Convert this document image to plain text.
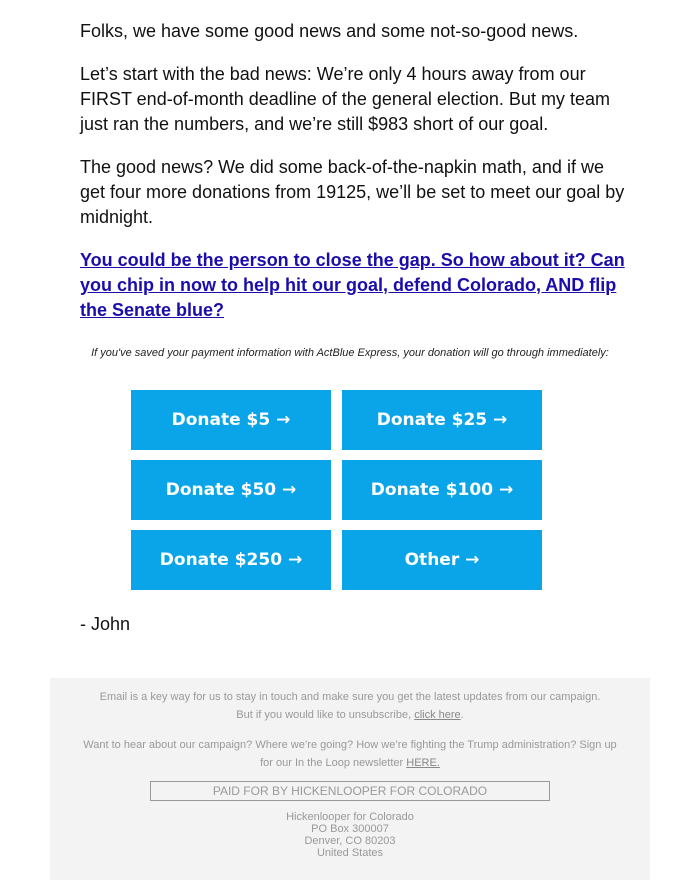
Folks, we have some good news and some not-so-good news.

Let’s start with the bad news: We’re only 4 hours away from our FIRST end-of-month deadline of the general election. But my team just ran the numbers, and we’re still $983 short of our goal.

The good news? We did some back-of-the-napkin math, and if we get four more donations from 19125, we’ll be set to meet our goal by midnight.

You could be the person to close the gap. So how about it? Can you chip in now to help hit our goal, defend Colorado, AND flip the Senate blue?
If you've saved your payment information with ActBlue Express, your donation will go through immediately:
Donate $5 →	Donate $25 →
Donate $50 →	Donate $100 →
Donate $250 →	Other →
- John

Email is a key way for us to stay in touch and make sure you get the latest updates from our campaign.

But if you would like to unsubscribe, click here.

Want to hear about our campaign? Where we’re going? How we’re fighting the Trump administration? Sign up for our In the Loop newsletter HERE.

PAID FOR BY HICKENLOOPER FOR COLORADO
Hickenlooper for Colorado
PO Box 300007
Denver, CO 80203
United States
